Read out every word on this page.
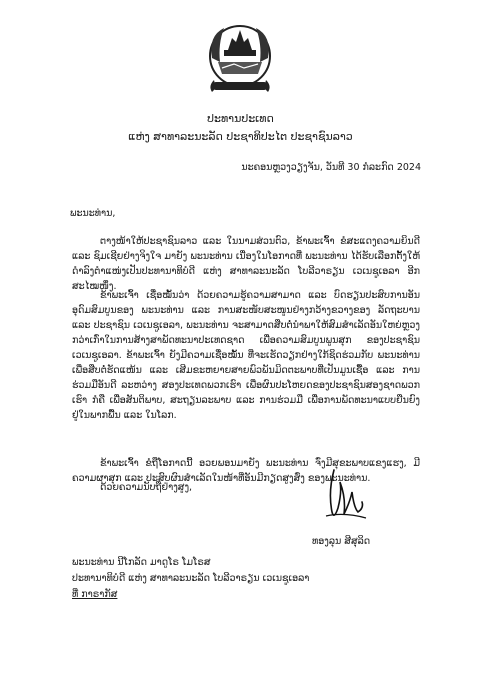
ປະທານປະເທດ
ແຫ່ງ ສາທາລະນະລັດ ປະຊາທິປະໄຕ ປະຊາຊົນລາວ
ນະຄອນຫຼວງວຽງຈັນ, ວັນທີ 30 ກໍລະກົດ 2024
ພະນະທ່ານ,

ຕາງໜ້າໃຫ້ປະຊາຊົນລາວ ແລະ ໃນນາມສ່ວນຕົວ, ຂ້າພະເຈົ້າ ຂໍສະແດງຄວາມຍິນດີ ແລະ ຊົມເຊີຍຢ່າງຈິງໃຈ ມາຍັງ ພະນະທ່ານ ເນື່ອງໃນໂອກາດທີ່ ພະນະທ່ານ ໄດ້ຮັບເລືອກຕັ້ງໃຫ້ດຳລົງຕຳແໜ່ງເປັນປະທານາທິບໍດີ ແຫ່ງ ສາທາລະນະລັດ ໂບລີວາຣຽນ ເວເນຊູເອລາ ອີກສະໄໝໜຶ່ງ.

ຂ້າພະເຈົ້າ ເຊື່ອໝັ້ນວ່າ ດ້ວຍຄວາມຮູ້ຄວາມສາມາດ ແລະ ບົດຮຽນປະສົບການອັນອຸດົມສົມບູນຂອງ ພະນະທ່ານ ແລະ ການສະໜັບສະໜູນຢ່າງກວ້າງຂວາງຂອງ ລັດຖະບານ ແລະ ປະຊາຊົນ ເວເນຊູເອລາ, ພະນະທ່ານ ຈະສາມາດສືບຕໍ່ນຳພາໃຫ້ສົມສຳເລັດອັນໃຫຍ່ຫຼວງກວ່າເກົ່າໃນການສ້າງສາພັດທະນາປະເທດຊາດ ເພື່ອຄວາມສົມບູນພູນສຸກ ຂອງປະຊາຊົນ ເວເນຊູເອລາ. ຂ້າພະເຈົ້າ ຍັງມີຄວາມເຊື່ອໝັ້ນ ທີ່ຈະເຮັດວຽກຢ່າງໃກ້ຊິດຮ່ວມກັບ ພະນະທ່ານ ເພື່ອສືບຕໍ່ຮັດແໜ້ນ ແລະ ເສີມຂະຫຍາຍສາຍພົວພັນມິດຕະພາບທີ່ເປັນມູນເຊື້ອ ແລະ ການຮ່ວມມືອັນດີ ລະຫວ່າງ ສອງປະເທດພວກເຮົາ ເພື່ອຜົນປະໂຫຍດຂອງປະຊາຊົນສອງຊາດພວກເຮົາ ກໍຄື ເພື່ອສັນຕິພາບ, ສະຖຽນລະພາບ ແລະ ການຮ່ວມມື ເພື່ອການພັດທະນາແບບຍືນຍົງ ຢູ່ໃນພາກພື້ນ ແລະ ໃນໂລກ.

ຂ້າພະເຈົ້າ ຂໍຖືໂອກາດນີ້ ອວຍພອນມາຍັງ ພະນະທ່ານ ຈົ່ງມີສຸຂະພາບແຂງແຮງ, ມີຄວາມຜາສຸກ ແລະ ປະສົບຜົນສຳເລັດໃນໜ້າທີ່ອັນມີກຽດສູງສົ່ງ ຂອງພະນະທ່ານ.

ດ້ວຍຄວາມນັບຖືຢ່າງສູງ,
ທອງລຸນ ສີສຸລິດ
ພະນະທ່ານ ນີໂກລັດ ມາດູໂຣ ໂມໂຣສ
ປະທານາທິບໍດີ ແຫ່ງ ສາທາລະນະລັດ ໂບລີວາຣຽນ ເວເນຊູເອລາ
ທີ່ ກາຣາກັສ
